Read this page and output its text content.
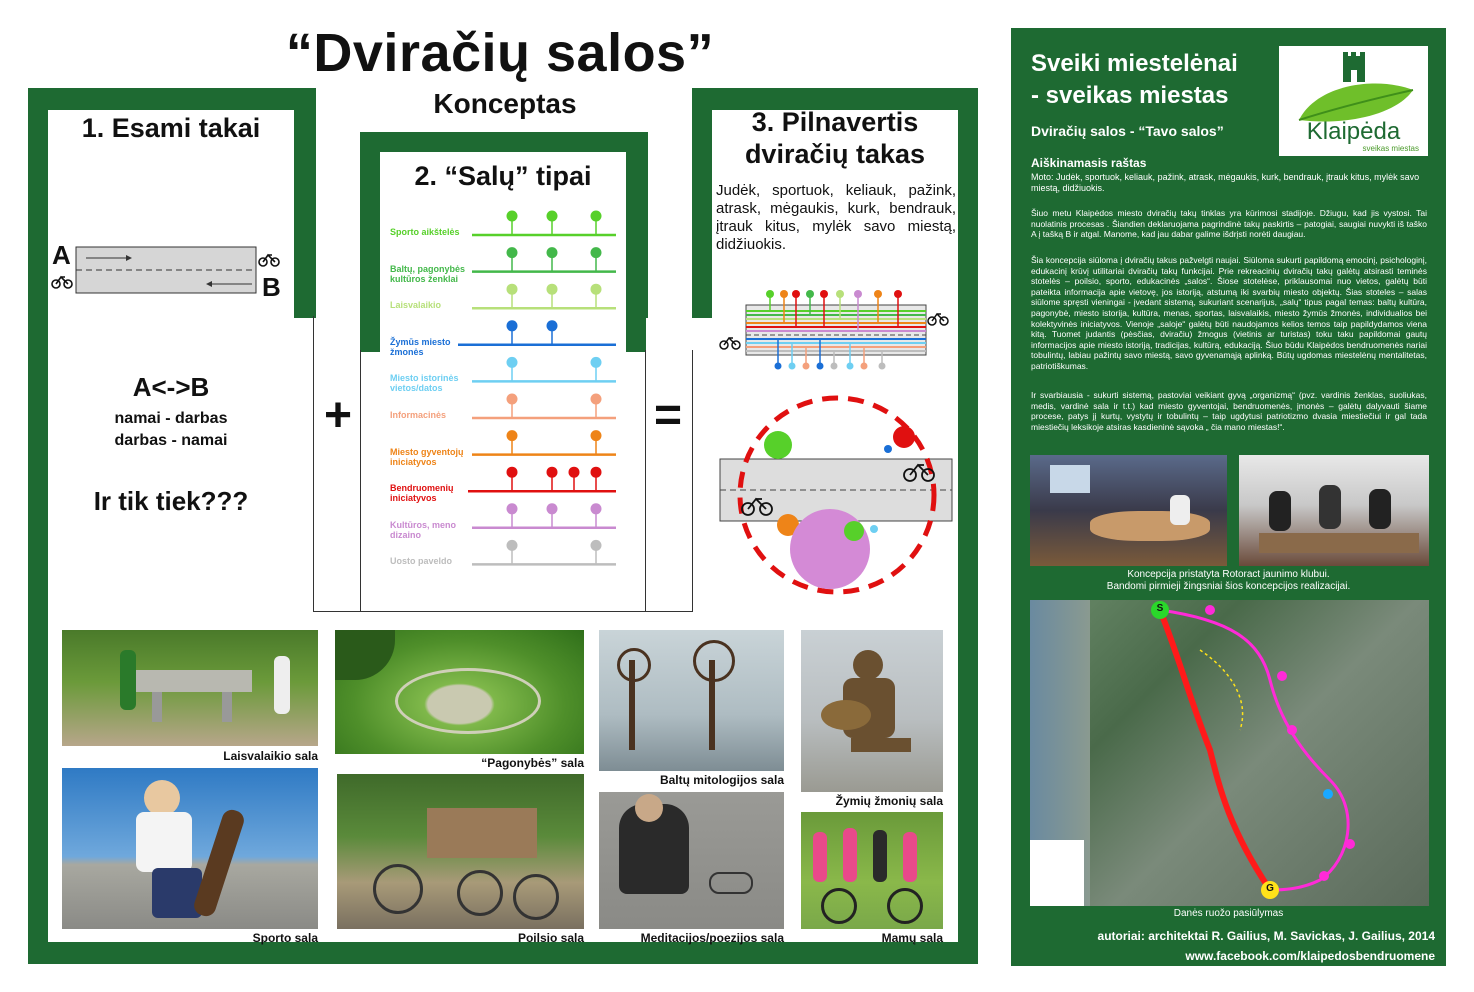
“Dviračių salos”
Konceptas
1. Esami takai
A
B
A<->B
namai - darbas
darbas - namai
Ir tik tiek???
+	=
2. “Salų” tipai
Sporto aikštelės
Baltų, pagonybės kultūros ženklai
Laisvalaikio
Žymūs miesto žmonės
Miesto istorinės vietos/datos
Informacinės
Miesto gyventojų iniciatyvos
Bendruomenių iniciatyvos
Kultūros, meno dizaino
Uosto paveldo
3. Pilnavertis dviračių takas
Judėk, sportuok, keliauk, pažink, atrask, mėgaukis, kurk, bendrauk, įtrauk kitus, mylėk savo miestą, didžiuokis.
Laisvalaikio sala	“Pagonybės” sala
Baltų mitologijos sala
Žymių žmonių sala
Sporto sala	Poilsio sala	Meditacijos/poezijos sala	Mamų sala
Sveiki miestelėnai
- sveikas miestas
Dviračių salos - “Tavo salos”	Klaipėda
sveikas miestas
Aiškinamasis raštas
Moto: Judėk, sportuok, keliauk, pažink, atrask, mėgaukis, kurk, bendrauk, įtrauk kitus, mylėk savo miestą, didžiuokis.
Šiuo metu Klaipėdos miesto dviračių takų tinklas yra kūrimosi stadijoje. Džiugu, kad jis vystosi. Tai nuolatinis procesas . Šiandien deklaruojama pagrindinė takų paskirtis – patogiai, saugiai nuvykti iš taško A į tašką B ir atgal. Manome, kad jau dabar galime išdrįsti norėti daugiau.
Šia koncepcija siūloma į dviračių takus pažvelgti naujai. Siūloma sukurti papildomą emocinį, psichologinį, edukacinį krūvį utilitariai dviračių takų funkcijai. Prie rekreacinių dviračių takų galėtų atsirasti teminės stotelės – poilsio, sporto, edukacinės „salos“. Šiose stotelėse, priklausomai nuo vietos, galėtų būti pateikta informacija apie vietovę, jos istoriją, atstumą iki svarbių miesto objektų. Šias stoteles – salas siūlome spręsti vieningai - įvedant sistemą, sukuriant scenarijus, „salų“ tipus pagal temas: baltų kultūra, pagonybė, miesto istorija, kultūra, menas, sportas, laisvalaikis, miesto žymūs žmonės, individualios bei kolektyvinės iniciatyvos. Vienoje „saloje“ galėtų būti naudojamos kelios temos taip papildydamos viena kitą. Tuomet judantis (pėsčias, dviračiu) žmogus (vietinis ar turistas) toku taku papildomai gautų informacijos apie miesto istoriją, tradicijas, kultūrą, edukaciją. Šiuo būdu Klaipėdos bendruomenės nariai tobulintų, labiau pažintų savo miestą, savo gyvenamąją aplinką. Būtų ugdomas miestelėnų mentalitetas, patriotiškumas.
Ir svarbiausia - sukurti sistemą, pastoviai veikiant gyvą „organizmą“ (pvz. vardinis ženklas, suoliukas, medis, vardinė sala ir t.t.) kad miesto gyventojai, bendruomenės, įmonės – galėtų dalyvauti šiame procese, patys jį kurtų, vystytų ir tobulintų – taip ugdytusi patriotizmo dvasia miestiečiui ir gal tada miestiečių leksikoje atsiras kasdieninė sąvoka „ čia mano miestas!“.
Koncepcija pristatyta Rotoract jaunimo klubui.
Bandomi pirmieji žingsniai šios koncepcijos realizacijai.
S
G
Danės ruožo pasiūlymas
autoriai: architektai R. Gailius, M. Savickas, J. Gailius, 2014
www.facebook.com/klaipedosbendruomene
